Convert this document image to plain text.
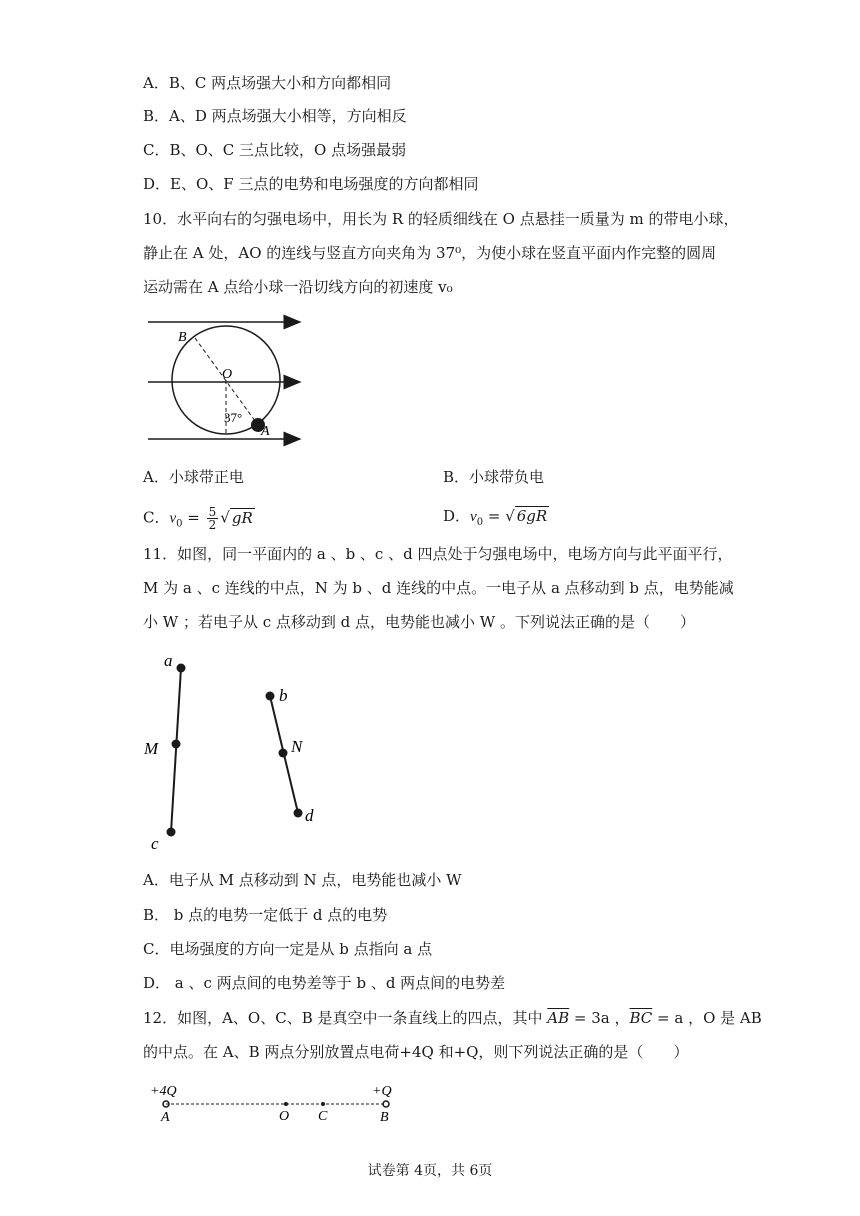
A．B、C 两点场强大小和方向都相同
B．A、D 两点场强大小相等，方向相反
C．B、O、C 三点比较，O 点场强最弱
D．E、O、F 三点的电势和电场强度的方向都相同
10．水平向右的匀强电场中，用长为 R 的轻质细线在 O 点悬挂一质量为 m 的带电小球，
静止在 A 处，AO 的连线与竖直方向夹角为 37⁰，为使小球在竖直平面内作完整的圆周
运动需在 A 点给小球一沿切线方向的初速度 v₀
B
O
A
37°
A．小球带正电	B．小球带负电
C．$v_0 = \frac{5}{2}$ √ gR	D．$v_0$ = √ 6gR
11．如图，同一平面内的 a 、b 、c 、d 四点处于匀强电场中，电场方向与此平面平行，
M 为 a 、c 连线的中点，N 为 b 、d 连线的中点。一电子从 a 点移动到 b 点，电势能减
小 W ；若电子从 c 点移动到 d 点，电势能也减小 W 。下列说法正确的是（　　）
a
M
c
b
N
d
A．电子从 M 点移动到 N 点，电势能也减小 W
B． b 点的电势一定低于 d 点的电势
C．电场强度的方向一定是从 b 点指向 a 点
D． a 、c 两点间的电势差等于 b 、d 两点间的电势差
12．如图，A、O、C、B 是真空中一条直线上的四点，其中 $\overline{AB} = 3a$ ，$\overline{BC} = a$ ，O 是 AB
的中点。在 A、B 两点分别放置点电荷+4Q 和+Q，则下列说法正确的是（　　）
+4Q	+Q
A	O C	B
试卷第 4页，共 6页
